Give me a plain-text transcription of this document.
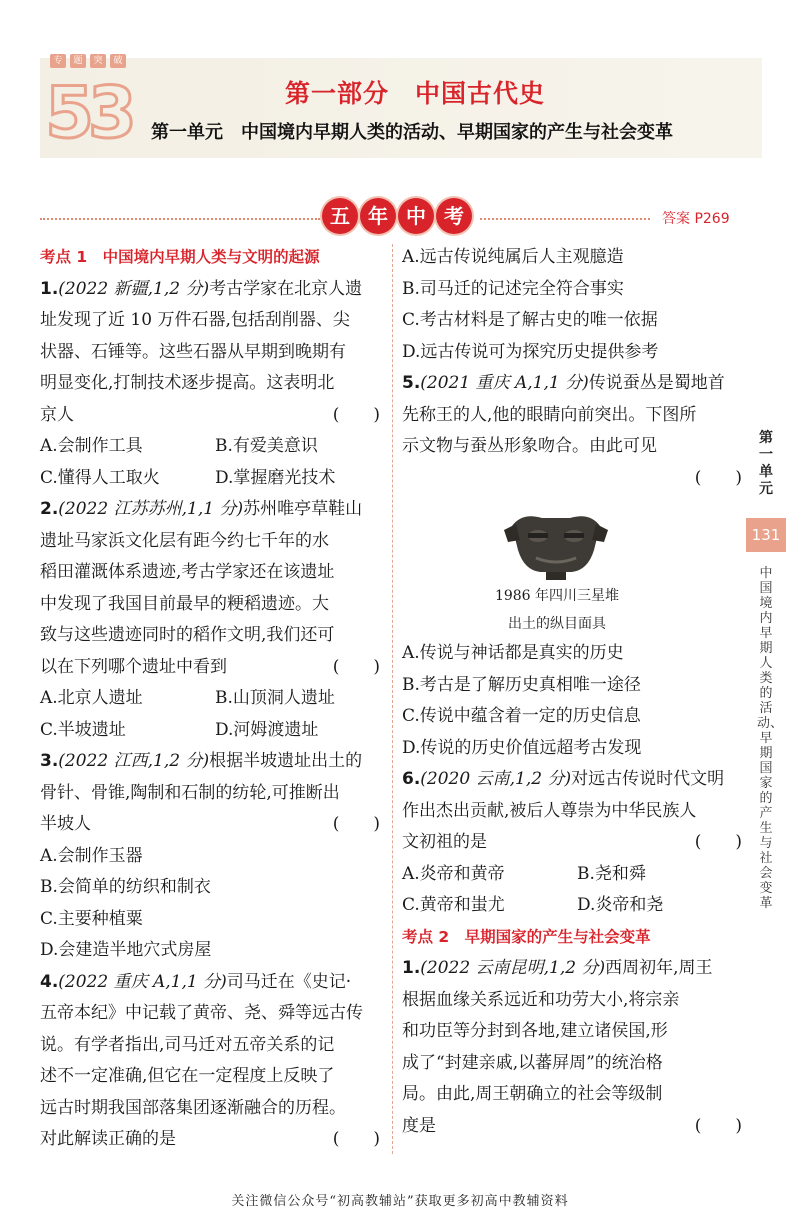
专	题	突	破
53	第一部分　中国古代史
第一单元　中国境内早期人类的活动、早期国家的产生与社会变革
五 年 中 考	答案 P269
考点 1　中国境内早期人类与文明的起源
1.(2022 新疆,1,2 分)考古学家在北京人遗
址发现了近 10 万件石器,包括刮削器、尖
状器、石锤等。这些石器从早期到晚期有
明显变化,打制技术逐步提高。这表明北
京人	(　　)
A.会制作工具	B.有爱美意识
C.懂得人工取火	D.掌握磨光技术
2.(2022 江苏苏州,1,1 分)苏州唯亭草鞋山
遗址马家浜文化层有距今约七千年的水
稻田灌溉体系遗迹,考古学家还在该遗址
中发现了我国目前最早的粳稻遗迹。大
致与这些遗迹同时的稻作文明,我们还可
以在下列哪个遗址中看到	(　　)
A.北京人遗址	B.山顶洞人遗址
C.半坡遗址	D.河姆渡遗址
3.(2022 江西,1,2 分)根据半坡遗址出土的
骨针、骨锥,陶制和石制的纺轮,可推断出
半坡人	(　　)
A.会制作玉器
B.会简单的纺织和制衣
C.主要种植粟
D.会建造半地穴式房屋
4.(2022 重庆 A,1,1 分)司马迁在《史记·
五帝本纪》中记载了黄帝、尧、舜等远古传
说。有学者指出,司马迁对五帝关系的记
述不一定准确,但它在一定程度上反映了
远古时期我国部落集团逐渐融合的历程。
对此解读正确的是	(　　)
A.远古传说纯属后人主观臆造
B.司马迁的记述完全符合事实
C.考古材料是了解古史的唯一依据
D.远古传说可为探究历史提供参考
5.(2021 重庆 A,1,1 分)传说蚕丛是蜀地首
先称王的人,他的眼睛向前突出。下图所
示文物与蚕丛形象吻合。由此可见
(　　)
1986 年四川三星堆
出土的纵目面具
A.传说与神话都是真实的历史
B.考古是了解历史真相唯一途径
C.传说中蕴含着一定的历史信息
D.传说的历史价值远超考古发现
6.(2020 云南,1,2 分)对远古传说时代文明
作出杰出贡献,被后人尊崇为中华民族人
文初祖的是	(　　)
A.炎帝和黄帝	B.尧和舜
C.黄帝和蚩尤	D.炎帝和尧
考点 2　早期国家的产生与社会变革
1.(2022 云南昆明,1,2 分)西周初年,周王
根据血缘关系远近和功劳大小,将宗亲
和功臣等分封到各地,建立诸侯国,形
成了“封建亲戚,以蕃屏周”的统治格
局。由此,周王朝确立的社会等级制
度是	(　　)
第一单元
131
中国境内早期人类的活动、早期国家的产生与社会变革
关注微信公众号“初高教辅站”获取更多初高中教辅资料
